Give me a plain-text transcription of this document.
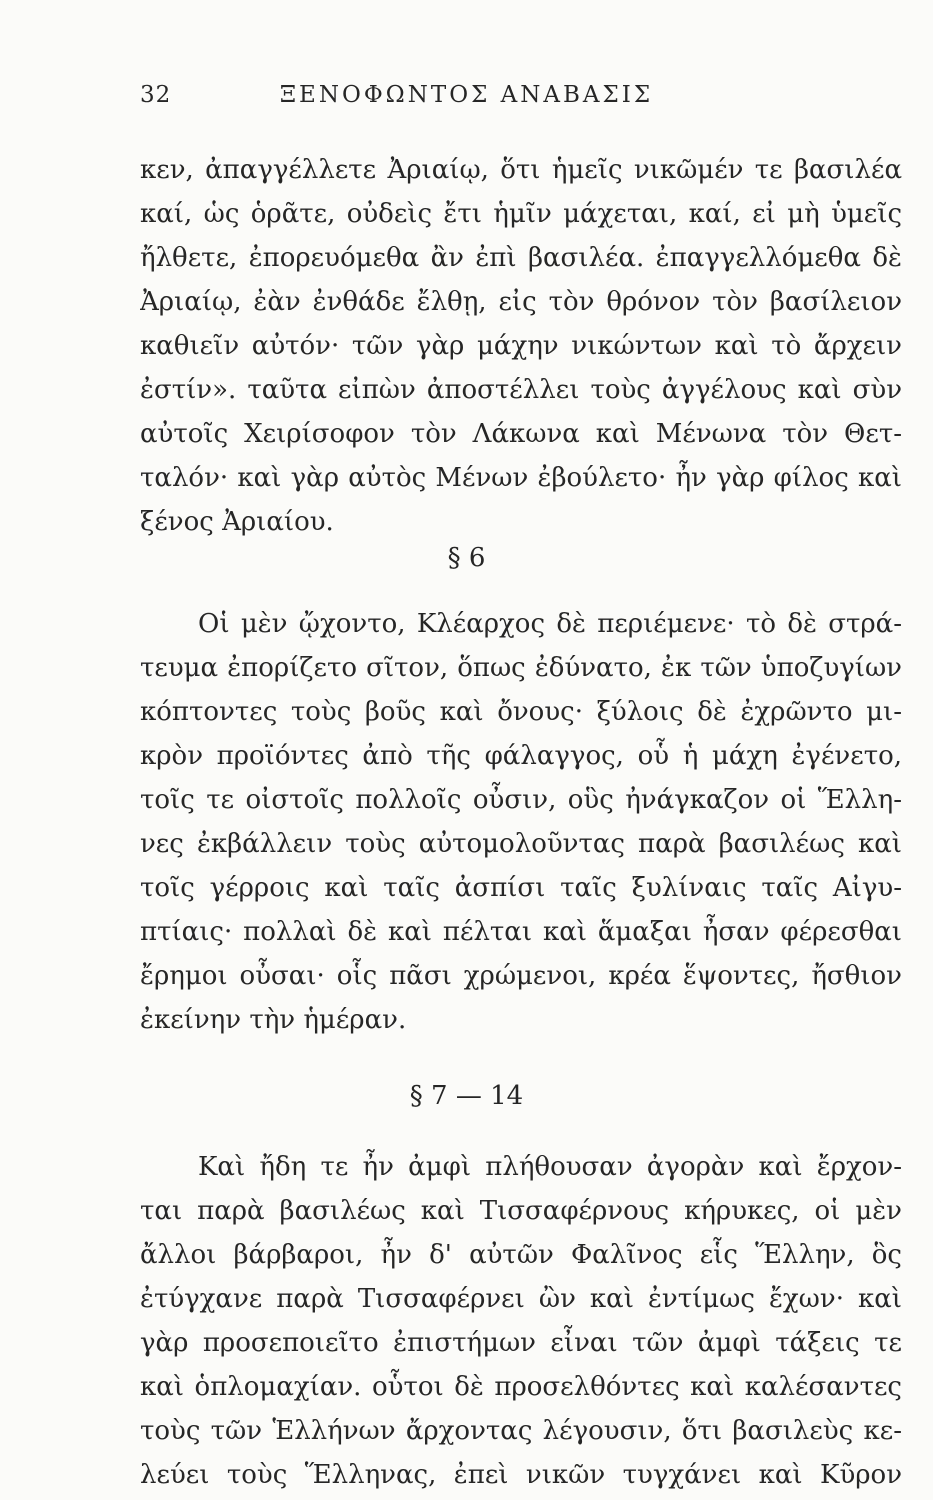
32	ΞΕΝΟΦΩΝΤΟΣ ΑΝΑΒΑΣΙΣ
κεν, ἀπαγγέλλετε Ἀριαίῳ, ὅτι ἡμεῖς νικῶμέν τε βασιλέα
καί, ὡς ὁρᾶτε, οὐδεὶς ἔτι ἡμῖν μάχεται, καί, εἰ μὴ ὑμεῖς
ἤλθετε, ἐπορευόμεθα ἂν ἐπὶ βασιλέα. ἐπαγγελλόμεθα δὲ
Ἀριαίῳ, ἐὰν ἐνθάδε ἔλθῃ, εἰς τὸν θρόνον τὸν βασίλειον
καθιεῖν αὐτόν· τῶν γὰρ μάχην νικώντων καὶ τὸ ἄρχειν
ἐστίν». ταῦτα εἰπὼν ἀποστέλλει τοὺς ἀγγέλους καὶ σὺν
αὐτοῖς Χειρίσοφον τὸν Λάκωνα καὶ Μένωνα τὸν Θετ-
ταλόν· καὶ γὰρ αὐτὸς Μένων ἐβούλετο· ἦν γὰρ φίλος καὶ
ξένος Ἀριαίου.
§ 6
Οἱ μὲν ᾤχοντο, Κλέαρχος δὲ περιέμενε· τὸ δὲ στρά-
τευμα ἐπορίζετο σῖτον, ὅπως ἐδύνατο, ἐκ τῶν ὑποζυγίων
κόπτοντες τοὺς βοῦς καὶ ὄνους· ξύλοις δὲ ἐχρῶντο μι-
κρὸν προϊόντες ἀπὸ τῆς φάλαγγος, οὗ ἡ μάχη ἐγένετο,
τοῖς τε οἰστοῖς πολλοῖς οὖσιν, οὓς ἠνάγκαζον οἱ Ἕλλη-
νες ἐκβάλλειν τοὺς αὐτομολοῦντας παρὰ βασιλέως καὶ
τοῖς γέρροις καὶ ταῖς ἀσπίσι ταῖς ξυλίναις ταῖς Αἰγυ-
πτίαις· πολλαὶ δὲ καὶ πέλται καὶ ἅμαξαι ἦσαν φέρεσθαι
ἔρημοι οὖσαι· οἷς πᾶσι χρώμενοι, κρέα ἕψοντες, ἤσθιον
ἐκείνην τὴν ἡμέραν.
§ 7 — 14
Καὶ ἤδη τε ἦν ἀμφὶ πλήθουσαν ἀγορὰν καὶ ἔρχον-
ται παρὰ βασιλέως καὶ Τισσαφέρνους κήρυκες, οἱ μὲν
ἄλλοι βάρβαροι, ἦν δ' αὐτῶν Φαλῖνος εἷς Ἕλλην, ὃς
ἐτύγχανε παρὰ Τισσαφέρνει ὢν καὶ ἐντίμως ἔχων· καὶ
γὰρ προσεποιεῖτο ἐπιστήμων εἶναι τῶν ἀμφὶ τάξεις τε
καὶ ὁπλομαχίαν. οὗτοι δὲ προσελθόντες καὶ καλέσαντες
τοὺς τῶν Ἑλλήνων ἄρχοντας λέγουσιν, ὅτι βασιλεὺς κε-
λεύει τοὺς Ἕλληνας, ἐπεὶ νικῶν τυγχάνει καὶ Κῦρον
